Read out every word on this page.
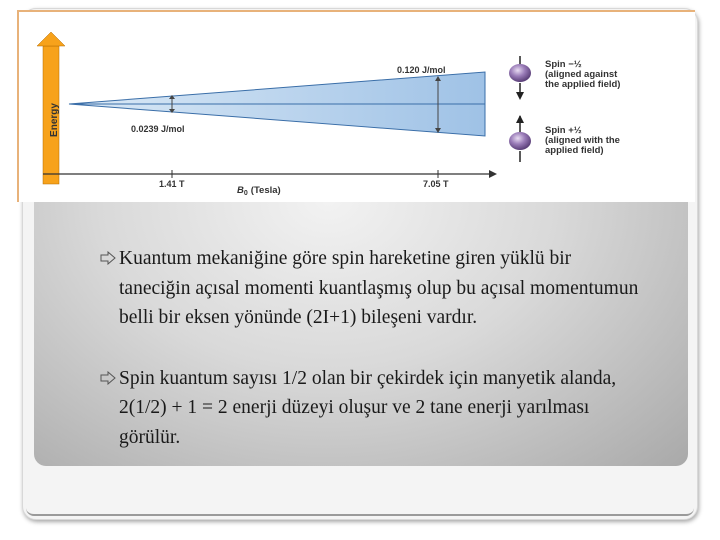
Energy
0.120 J/mol
0.0239 J/mol
1.41 T	7.05 T
$B_0$ (Tesla)
Spin −½
(aligned against
the applied field)
Spin +½
(aligned with the
applied field)
Kuantum mekaniğine göre spin hareketine giren yüklü bir taneciğin açısal momenti kuantlaşmış olup bu açısal momentumun belli bir eksen yönünde (2I+1) bileşeni vardır.
Spin kuantum sayısı 1/2 olan bir çekirdek için manyetik alanda, 2(1/2) + 1 = 2 enerji düzeyi oluşur ve 2 tane enerji yarılması görülür.
